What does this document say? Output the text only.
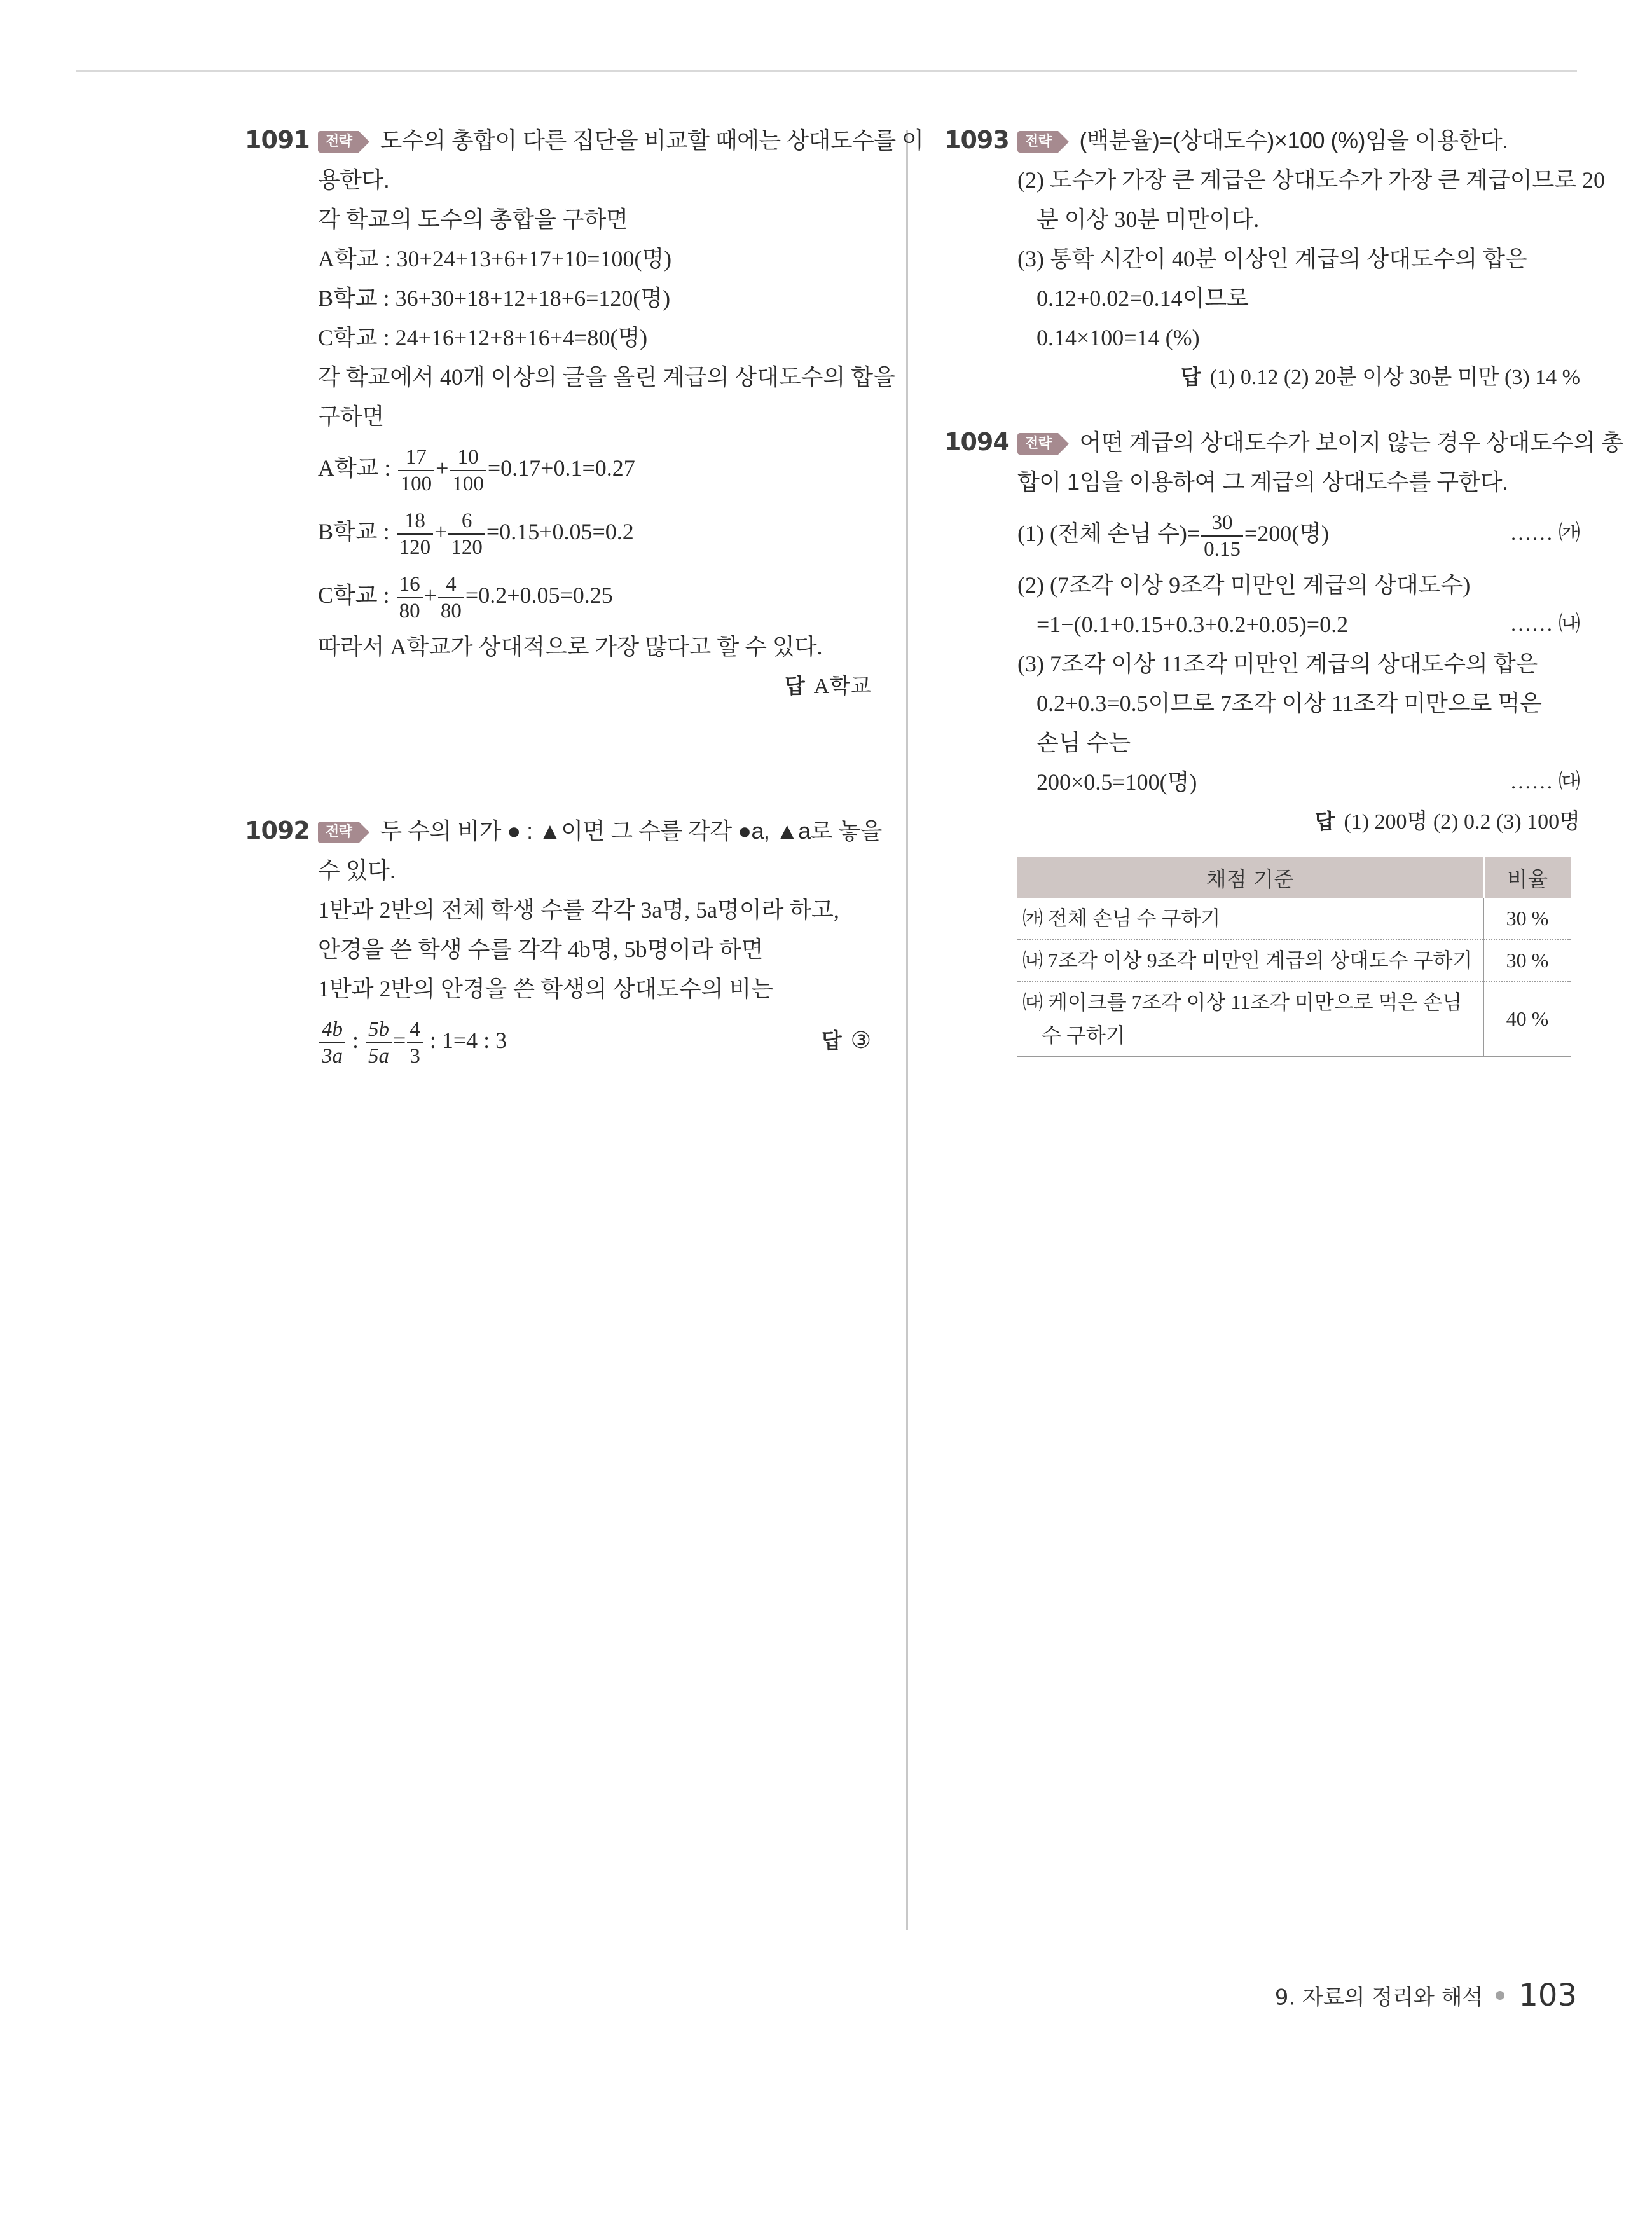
1091	전략 도수의 총합이 다른 집단을 비교할 때에는 상대도수를 이
용한다.
각 학교의 도수의 총합을 구하면
A학교 : 30+24+13+6+17+10=100(명)
B학교 : 36+30+18+12+18+6=120(명)
C학교 : 24+16+12+8+16+4=80(명)
각 학교에서 40개 이상의 글을 올린 계급의 상대도수의 합을
구하면
A학교 : $\frac{17}{100} + \frac{10}{100} =0.17+0.1=0.27$
B학교 : $\frac{18}{120} + \frac{6}{120} =0.15+0.05=0.2$
C학교 : $\frac{16}{80} + \frac{4}{80} =0.2+0.05=0.25$
따라서 A학교가 상대적으로 가장 많다고 할 수 있다.
답 A학교
1092	전략 두 수의 비가 ● : ▲이면 그 수를 각각 ●a, ▲a로 놓을
수 있다.
1반과 2반의 전체 학생 수를 각각 3a명, 5a명이라 하고,
안경을 쓴 학생 수를 각각 4b명, 5b명이라 하면
1반과 2반의 안경을 쓴 학생의 상대도수의 비는
$\frac{4b}{3a}$ : $\frac{5b}{5a} = \frac{4}{3}$ : 1=4 : 3	답 ③
1093	전략 (백분율)=(상대도수)×100 (%)임을 이용한다.
(2) 도수가 가장 큰 계급은 상대도수가 가장 큰 계급이므로 20
분 이상 30분 미만이다.
(3) 통학 시간이 40분 이상인 계급의 상대도수의 합은
0.12+0.02=0.14이므로
0.14×100=14 (%)
답 (1) 0.12 (2) 20분 이상 30분 미만 (3) 14 %
1094	전략 어떤 계급의 상대도수가 보이지 않는 경우 상대도수의 총
합이 1임을 이용하여 그 계급의 상대도수를 구한다.
(1) (전체 손님 수)= $\frac{30}{0.15} =200$(명)	…… ㈎
(2) (7조각 이상 9조각 미만인 계급의 상대도수)
=1−(0.1+0.15+0.3+0.2+0.05)=0.2	…… ㈏
(3) 7조각 이상 11조각 미만인 계급의 상대도수의 합은
0.2+0.3=0.5이므로 7조각 이상 11조각 미만으로 먹은
손님 수는
200×0.5=100(명)	…… ㈐
답 (1) 200명 (2) 0.2 (3) 100명
채점 기준	비율
㈎ 전체 손님 수 구하기	30 %
㈏ 7조각 이상 9조각 미만인 계급의 상대도수 구하기	30 %

㈐ 케이크를 7조각 이상 11조각 미만으로 먹은 손님
수 구하기	40 %
9. 자료의 정리와 해석 103
